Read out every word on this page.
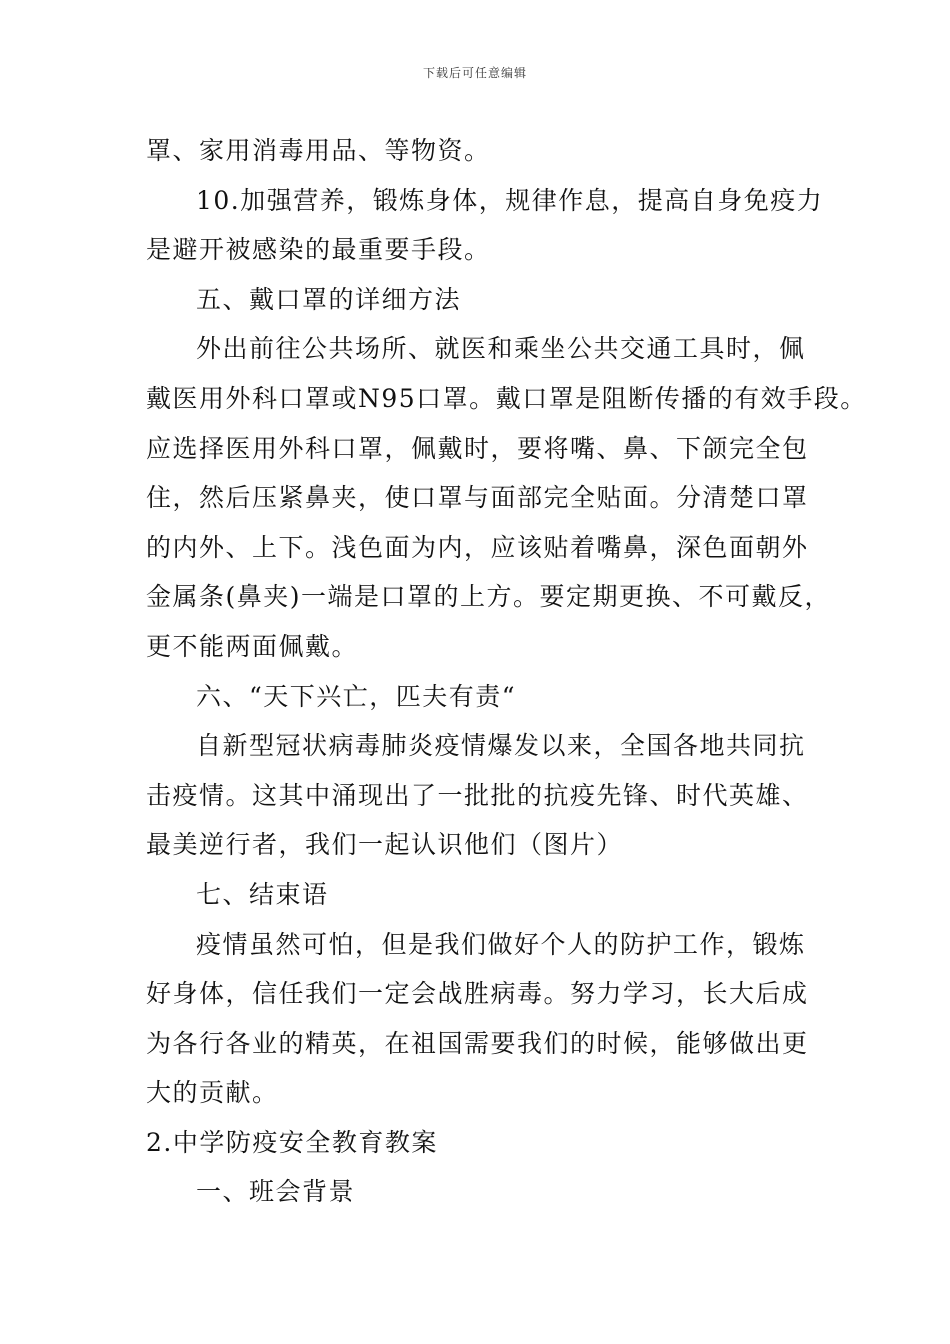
下载后可任意编辑

罩、家用消毒用品、等物资。

10.加强营养，锻炼身体，规律作息，提高自身免疫力

是避开被感染的最重要手段。

五、戴口罩的详细方法

外出前往公共场所、就医和乘坐公共交通工具时，佩

戴医用外科口罩或N95口罩。戴口罩是阻断传播的有效手段。

应选择医用外科口罩，佩戴时，要将嘴、鼻、下颌完全包

住，然后压紧鼻夹，使口罩与面部完全贴面。分清楚口罩

的内外、上下。浅色面为内，应该贴着嘴鼻，深色面朝外

金属条(鼻夹)一端是口罩的上方。要定期更换、不可戴反，

更不能两面佩戴。

六、“天下兴亡，匹夫有责“

自新型冠状病毒肺炎疫情爆发以来，全国各地共同抗

击疫情。这其中涌现出了一批批的抗疫先锋、时代英雄、

最美逆行者，我们一起认识他们（图片）

七、结束语

疫情虽然可怕，但是我们做好个人的防护工作，锻炼

好身体，信任我们一定会战胜病毒。努力学习，长大后成

为各行各业的精英，在祖国需要我们的时候，能够做出更

大的贡献。

2.中学防疫安全教育教案

一、班会背景
